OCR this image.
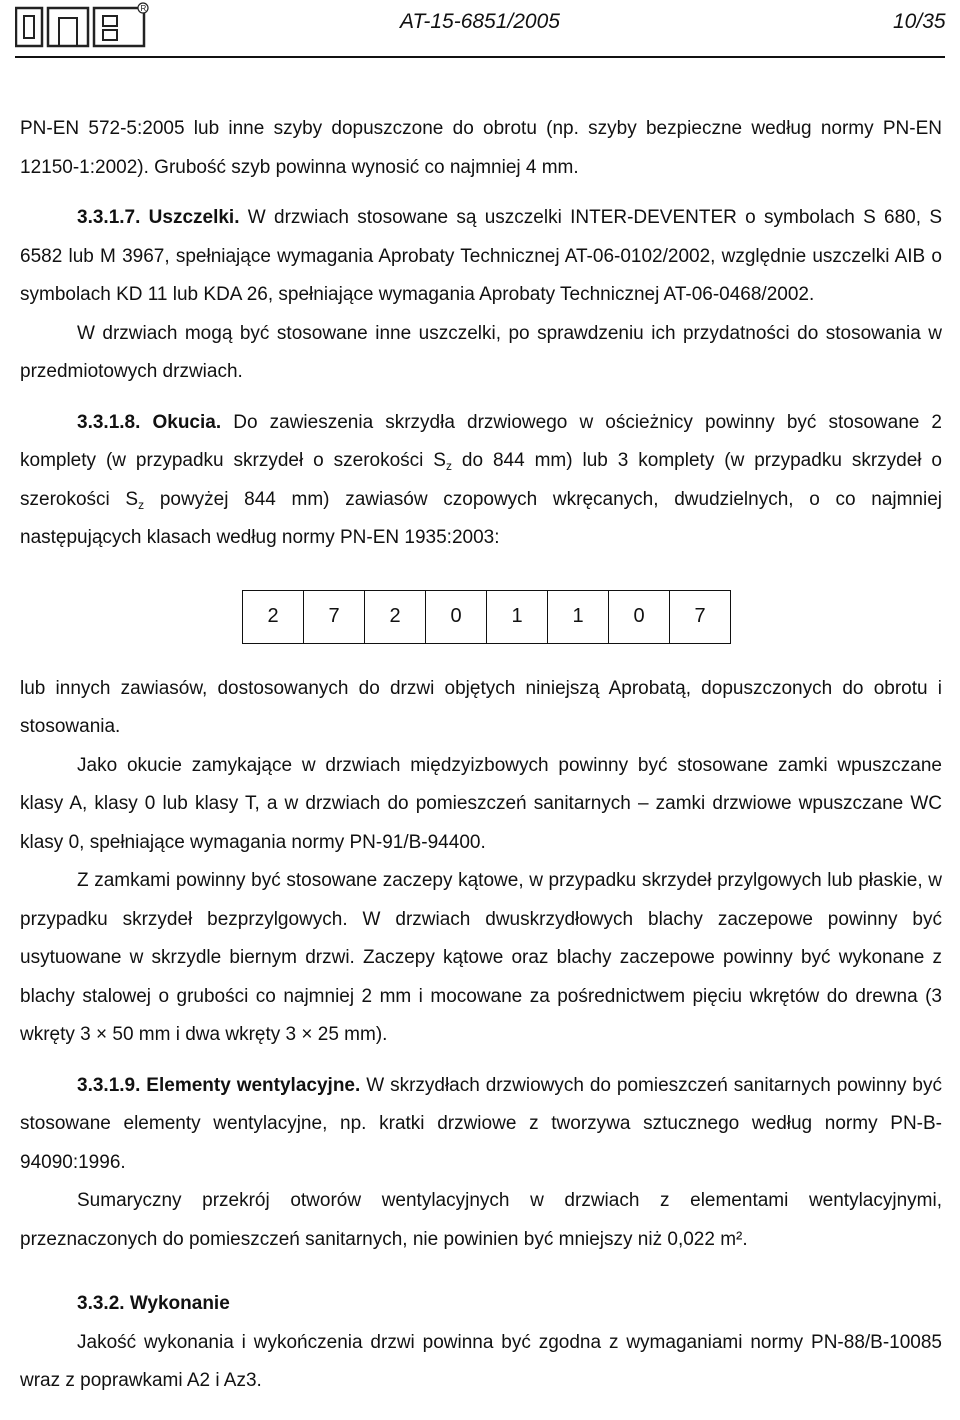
R
AT-15-6851/2005	10/35

PN-EN 572-5:2005 lub inne szyby dopuszczone do obrotu (np. szyby bezpieczne według normy PN-EN 12150-1:2002). Grubość szyb powinna wynosić co najmniej 4 mm.

3.3.1.7. Uszczelki. W drzwiach stosowane są uszczelki INTER-DEVENTER o symbolach S 680, S 6582 lub M 3967, spełniające wymagania Aprobaty Technicznej AT-06-0102/2002, względnie uszczelki AIB o symbolach KD 11 lub KDA 26, spełniające wymagania Aprobaty Technicznej AT-06-0468/2002.

W drzwiach mogą być stosowane inne uszczelki, po sprawdzeniu ich przydatności do stosowania w przedmiotowych drzwiach.

3.3.1.8. Okucia. Do zawieszenia skrzydła drzwiowego w ościeżnicy powinny być stosowane 2 komplety (w przypadku skrzydeł o szerokości $S_z$ do 844 mm) lub 3 komplety (w przypadku skrzydeł o szerokości $S_z$ powyżej 844 mm) zawiasów czopowych wkręcanych, dwudzielnych, o co najmniej następujących klasach według normy PN-EN 1935:2003:

2	7	2	0	1	1	0	7

lub innych zawiasów, dostosowanych do drzwi objętych niniejszą Aprobatą, dopuszczonych do obrotu i stosowania.

Jako okucie zamykające w drzwiach międzyizbowych powinny być stosowane zamki wpuszczane klasy A, klasy 0 lub klasy T, a w drzwiach do pomieszczeń sanitarnych – zamki drzwiowe wpuszczane WC klasy 0, spełniające wymagania normy PN-91/B-94400.

Z zamkami powinny być stosowane zaczepy kątowe, w przypadku skrzydeł przylgowych lub płaskie, w przypadku skrzydeł bezprzylgowych. W drzwiach dwuskrzydłowych blachy zaczepowe powinny być usytuowane w skrzydle biernym drzwi. Zaczepy kątowe oraz blachy zaczepowe powinny być wykonane z blachy stalowej o grubości co najmniej 2 mm i mocowane za pośrednictwem pięciu wkrętów do drewna (3 wkręty 3 × 50 mm i dwa wkręty 3 × 25 mm).

3.3.1.9. Elementy wentylacyjne. W skrzydłach drzwiowych do pomieszczeń sanitarnych powinny być stosowane elementy wentylacyjne, np. kratki drzwiowe z tworzywa sztucznego według normy PN-B-94090:1996.

Sumaryczny przekrój otworów wentylacyjnych w drzwiach z elementami wentylacyjnymi, przeznaczonych do pomieszczeń sanitarnych, nie powinien być mniejszy niż 0,022 m².

3.3.2. Wykonanie

Jakość wykonania i wykończenia drzwi powinna być zgodna z wymaganiami normy PN-88/B-10085 wraz z poprawkami A2 i Az3.
